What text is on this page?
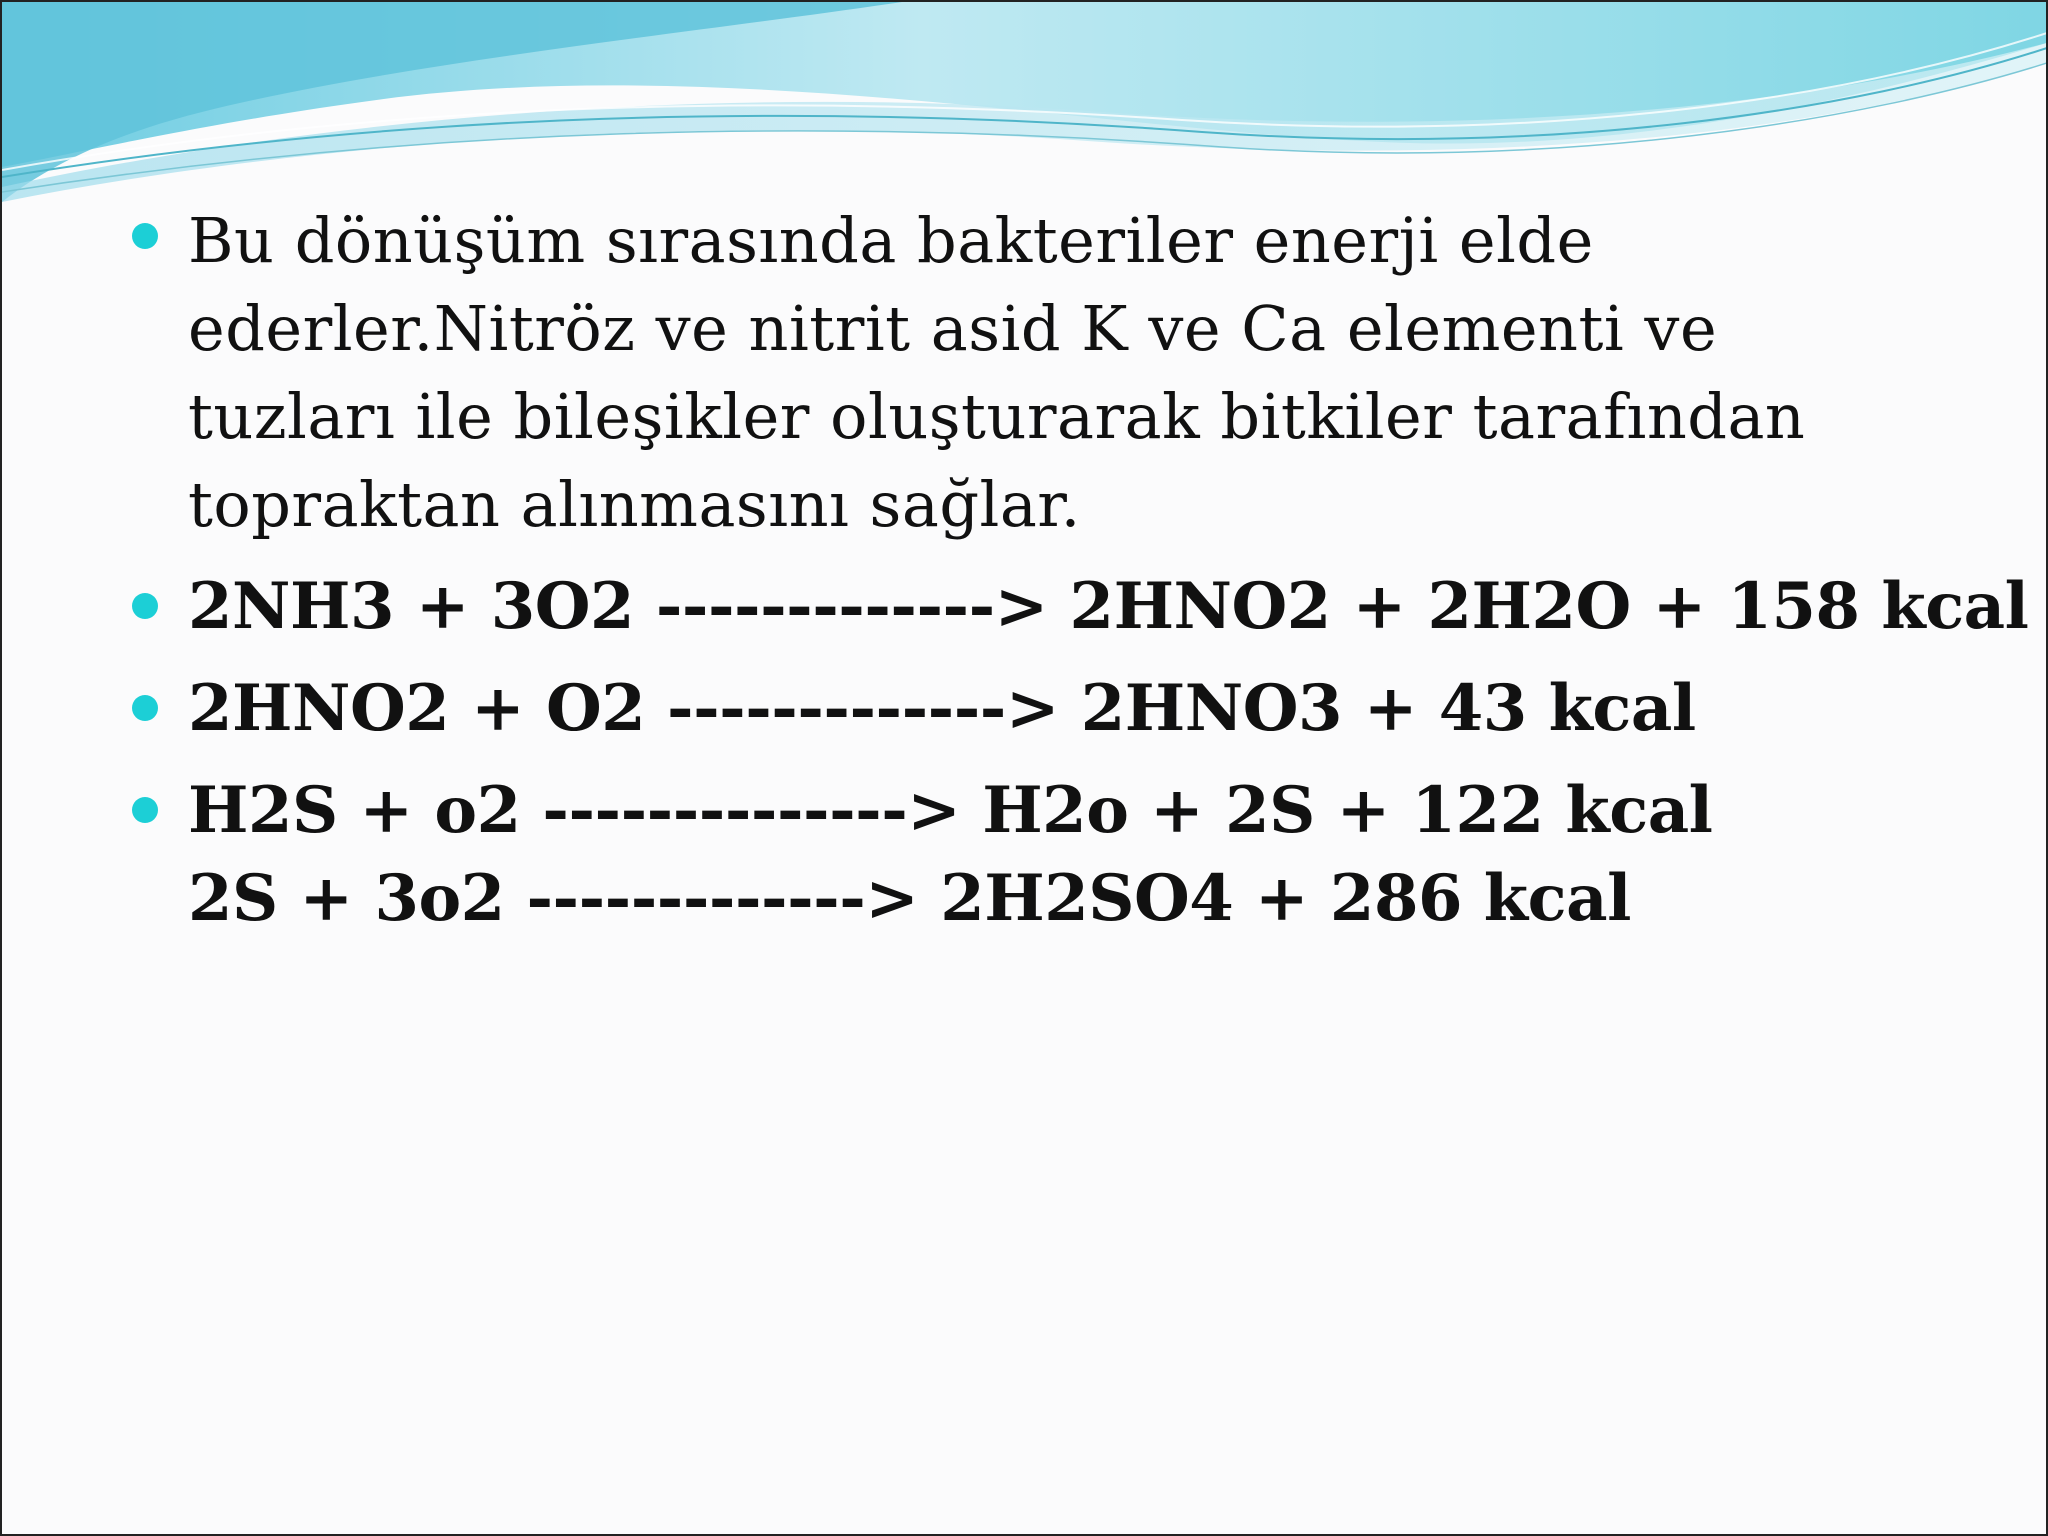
Bu dönüşüm sırasında bakteriler enerji elde
ederler.Nitröz ve nitrit asid K ve Ca elementi ve
tuzları ile bileşikler oluşturarak bitkiler tarafından
topraktan alınmasını sağlar.
2NH3 + 3O2 -------------> 2HNO2 + 2H2O + 158 kcal
2HNO2 + O2 -------------> 2HNO3 + 43 kcal
H2S + o2 --------------> H2o + 2S + 122 kcal
2S + 3o2 -------------> 2H2SO4 + 286 kcal
